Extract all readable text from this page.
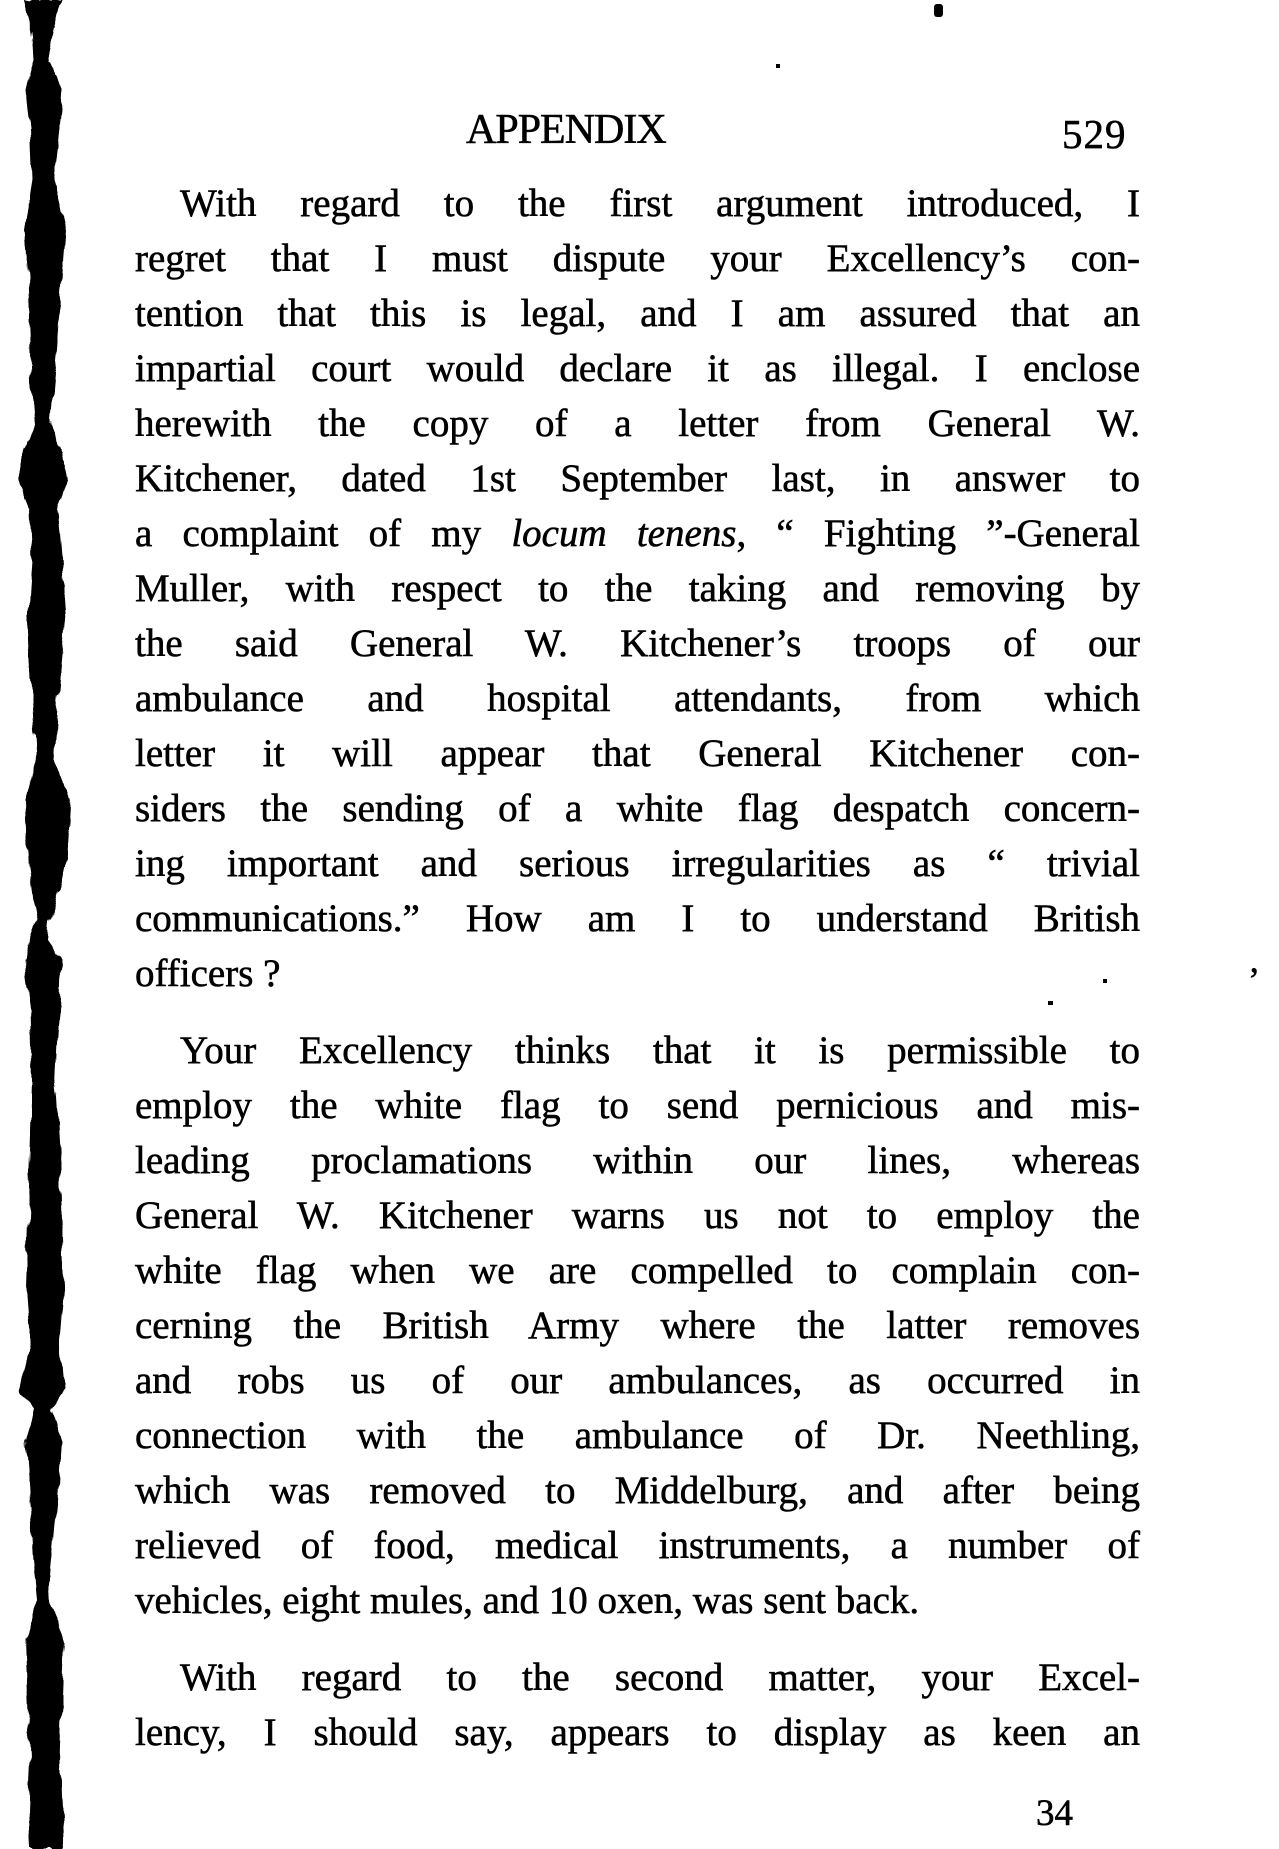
APPENDIX	529
With regard to the first argument introduced, I
regret that I must dispute your Excellency’s con-
tention that this is legal, and I am assured that an
impartial court would declare it as illegal. I enclose
herewith the copy of a letter from General W.
Kitchener, dated 1st September last, in answer to
a complaint of my locum tenens, “ Fighting ”-General
Muller, with respect to the taking and removing by
the said General W. Kitchener’s troops of our
ambulance and hospital attendants, from which
letter it will appear that General Kitchener con-
siders the sending of a white flag despatch concern-
ing important and serious irregularities as “ trivial
communications.” How am I to understand British
officers ?
Your Excellency thinks that it is permissible to
employ the white flag to send pernicious and mis-
leading proclamations within our lines, whereas
General W. Kitchener warns us not to employ the
white flag when we are compelled to complain con-
cerning the British Army where the latter removes
and robs us of our ambulances, as occurred in
connection with the ambulance of Dr. Neethling,
which was removed to Middelburg, and after being
relieved of food, medical instruments, a number of
vehicles, eight mules, and 10 oxen, was sent back.
With regard to the second matter, your Excel-
lency, I should say, appears to display as keen an
34
’
